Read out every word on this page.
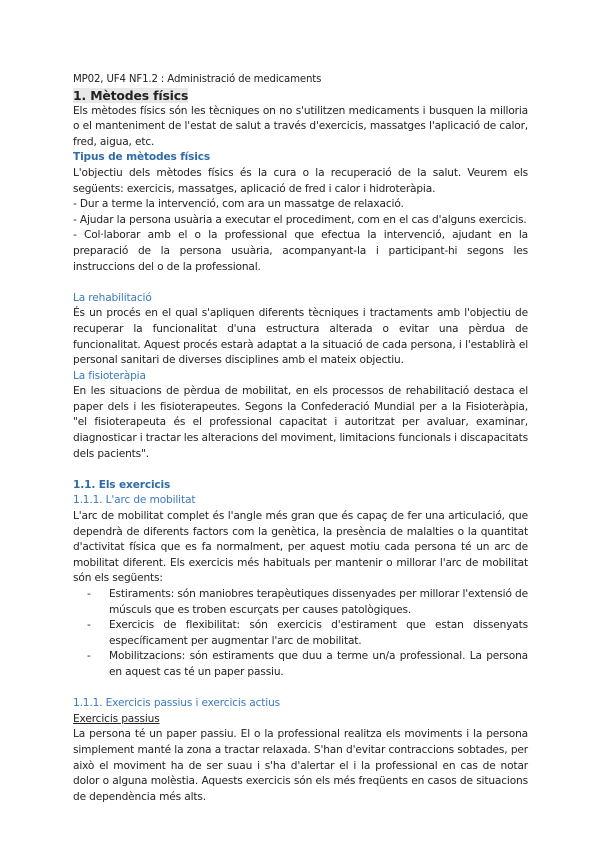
MP02, UF4 NF1.2 : Administració de medicaments

1. Mètodes físics

Els mètodes físics són les tècniques on no s'utilitzen medicaments i busquen la milloria o el manteniment de l'estat de salut a través d'exercicis, massatges l'aplicació de calor, fred, aigua, etc.

Tipus de mètodes físics

L'objectiu dels mètodes físics és la cura o la recuperació de la salut. Veurem els següents: exercicis, massatges, aplicació de fred i calor i hidroteràpia.

- Dur a terme la intervenció, com ara un massatge de relaxació.

- Ajudar la persona usuària a executar el procediment, com en el cas d'alguns exercicis.

- Col·laborar amb el o la professional que efectua la intervenció, ajudant en la preparació de la persona usuària, acompanyant-la i participant-hi segons les instruccions del o de la professional.

La rehabilitació

És un procés en el qual s'apliquen diferents tècniques i tractaments amb l'objectiu de recuperar la funcionalitat d'una estructura alterada o evitar una pèrdua de funcionalitat. Aquest procés estarà adaptat a la situació de cada persona, i l'establirà el personal sanitari de diverses disciplines amb el mateix objectiu.

La fisioteràpia

En les situacions de pèrdua de mobilitat, en els processos de rehabilitació destaca el paper dels i les fisioterapeutes. Segons la Confederació Mundial per a la Fisioteràpia, "el fisioterapeuta és el professional capacitat i autoritzat per avaluar, examinar, diagnosticar i tractar les alteracions del moviment, limitacions funcionals i discapacitats dels pacients".

1.1. Els exercicis

1.1.1. L'arc de mobilitat

L'arc de mobilitat complet és l'angle més gran que és capaç de fer una articulació, que dependrà de diferents factors com la genètica, la presència de malalties o la quantitat d'activitat física que es fa normalment, per aquest motiu cada persona té un arc de mobilitat diferent. Els exercicis més habituals per mantenir o millorar l'arc de mobilitat són els següents:

- Estiraments: són maniobres terapèutiques dissenyades per millorar l'extensió de músculs que es troben escurçats per causes patològiques.
- Exercicis de flexibilitat: són exercicis d'estirament que estan dissenyats específicament per augmentar l'arc de mobilitat.
- Mobilitzacions: són estiraments que duu a terme un/a professional. La persona en aquest cas té un paper passiu.

1.1.1. Exercicis passius i exercicis actius

Exercicis passius

La persona té un paper passiu. El o la professional realitza els moviments i la persona simplement manté la zona a tractar relaxada. S'han d'evitar contraccions sobtades, per això el moviment ha de ser suau i s'ha d'alertar el i la professional en cas de notar dolor o alguna molèstia. Aquests exercicis són els més freqüents en casos de situacions de dependència més alts.
